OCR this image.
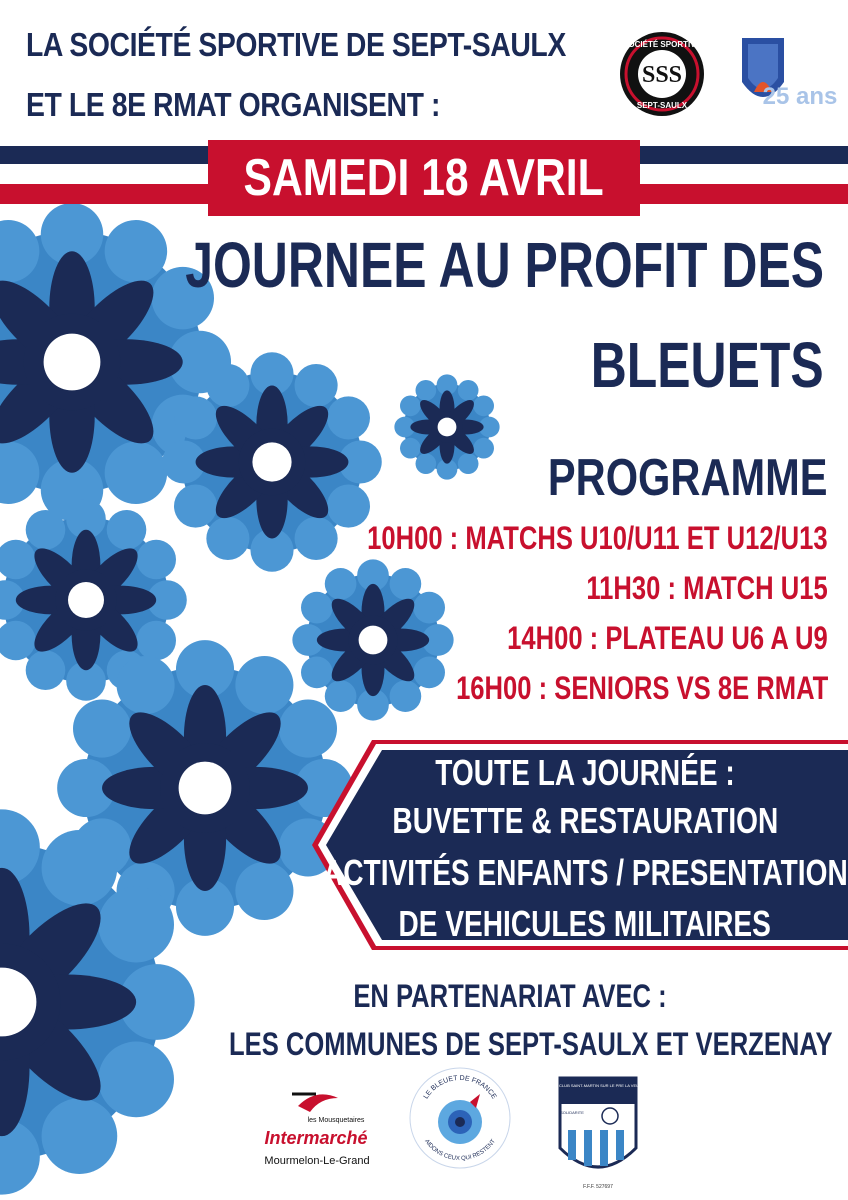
LA SOCIÉTÉ SPORTIVE DE SEPT-SAULX
ET LE 8E RMAT ORGANISENT :
SSS
SOCIÉTÉ SPORTIVE
SEPT-SAULX	25 ans
SAMEDI 18 AVRIL
JOURNEE AU PROFIT DES
BLEUETS
PROGRAMME
10H00 : MATCHS U10/U11 ET U12/U13
11H30 : MATCH U15
14H00 : PLATEAU U6 A U9
16H00 : SENIORS VS 8E RMAT
TOUTE LA JOURNÉE :
BUVETTE & RESTAURATION
ACTIVITÉS ENFANTS / PRESENTATION
DE VEHICULES MILITAIRES
EN PARTENARIAT AVEC :
LES COMMUNES DE SEPT-SAULX ET VERZENAY
les Mousquetaires
Intermarché
Mourmelon-Le-Grand
LE BLEUET DE FRANCE
AIDONS CEUX QUI RESTENT
FOOTBALL CLUB SAINT-MARTIN SUR LE PRE LA VEUVE / RECY
SOLIDARITE
F.F.F. 527697
